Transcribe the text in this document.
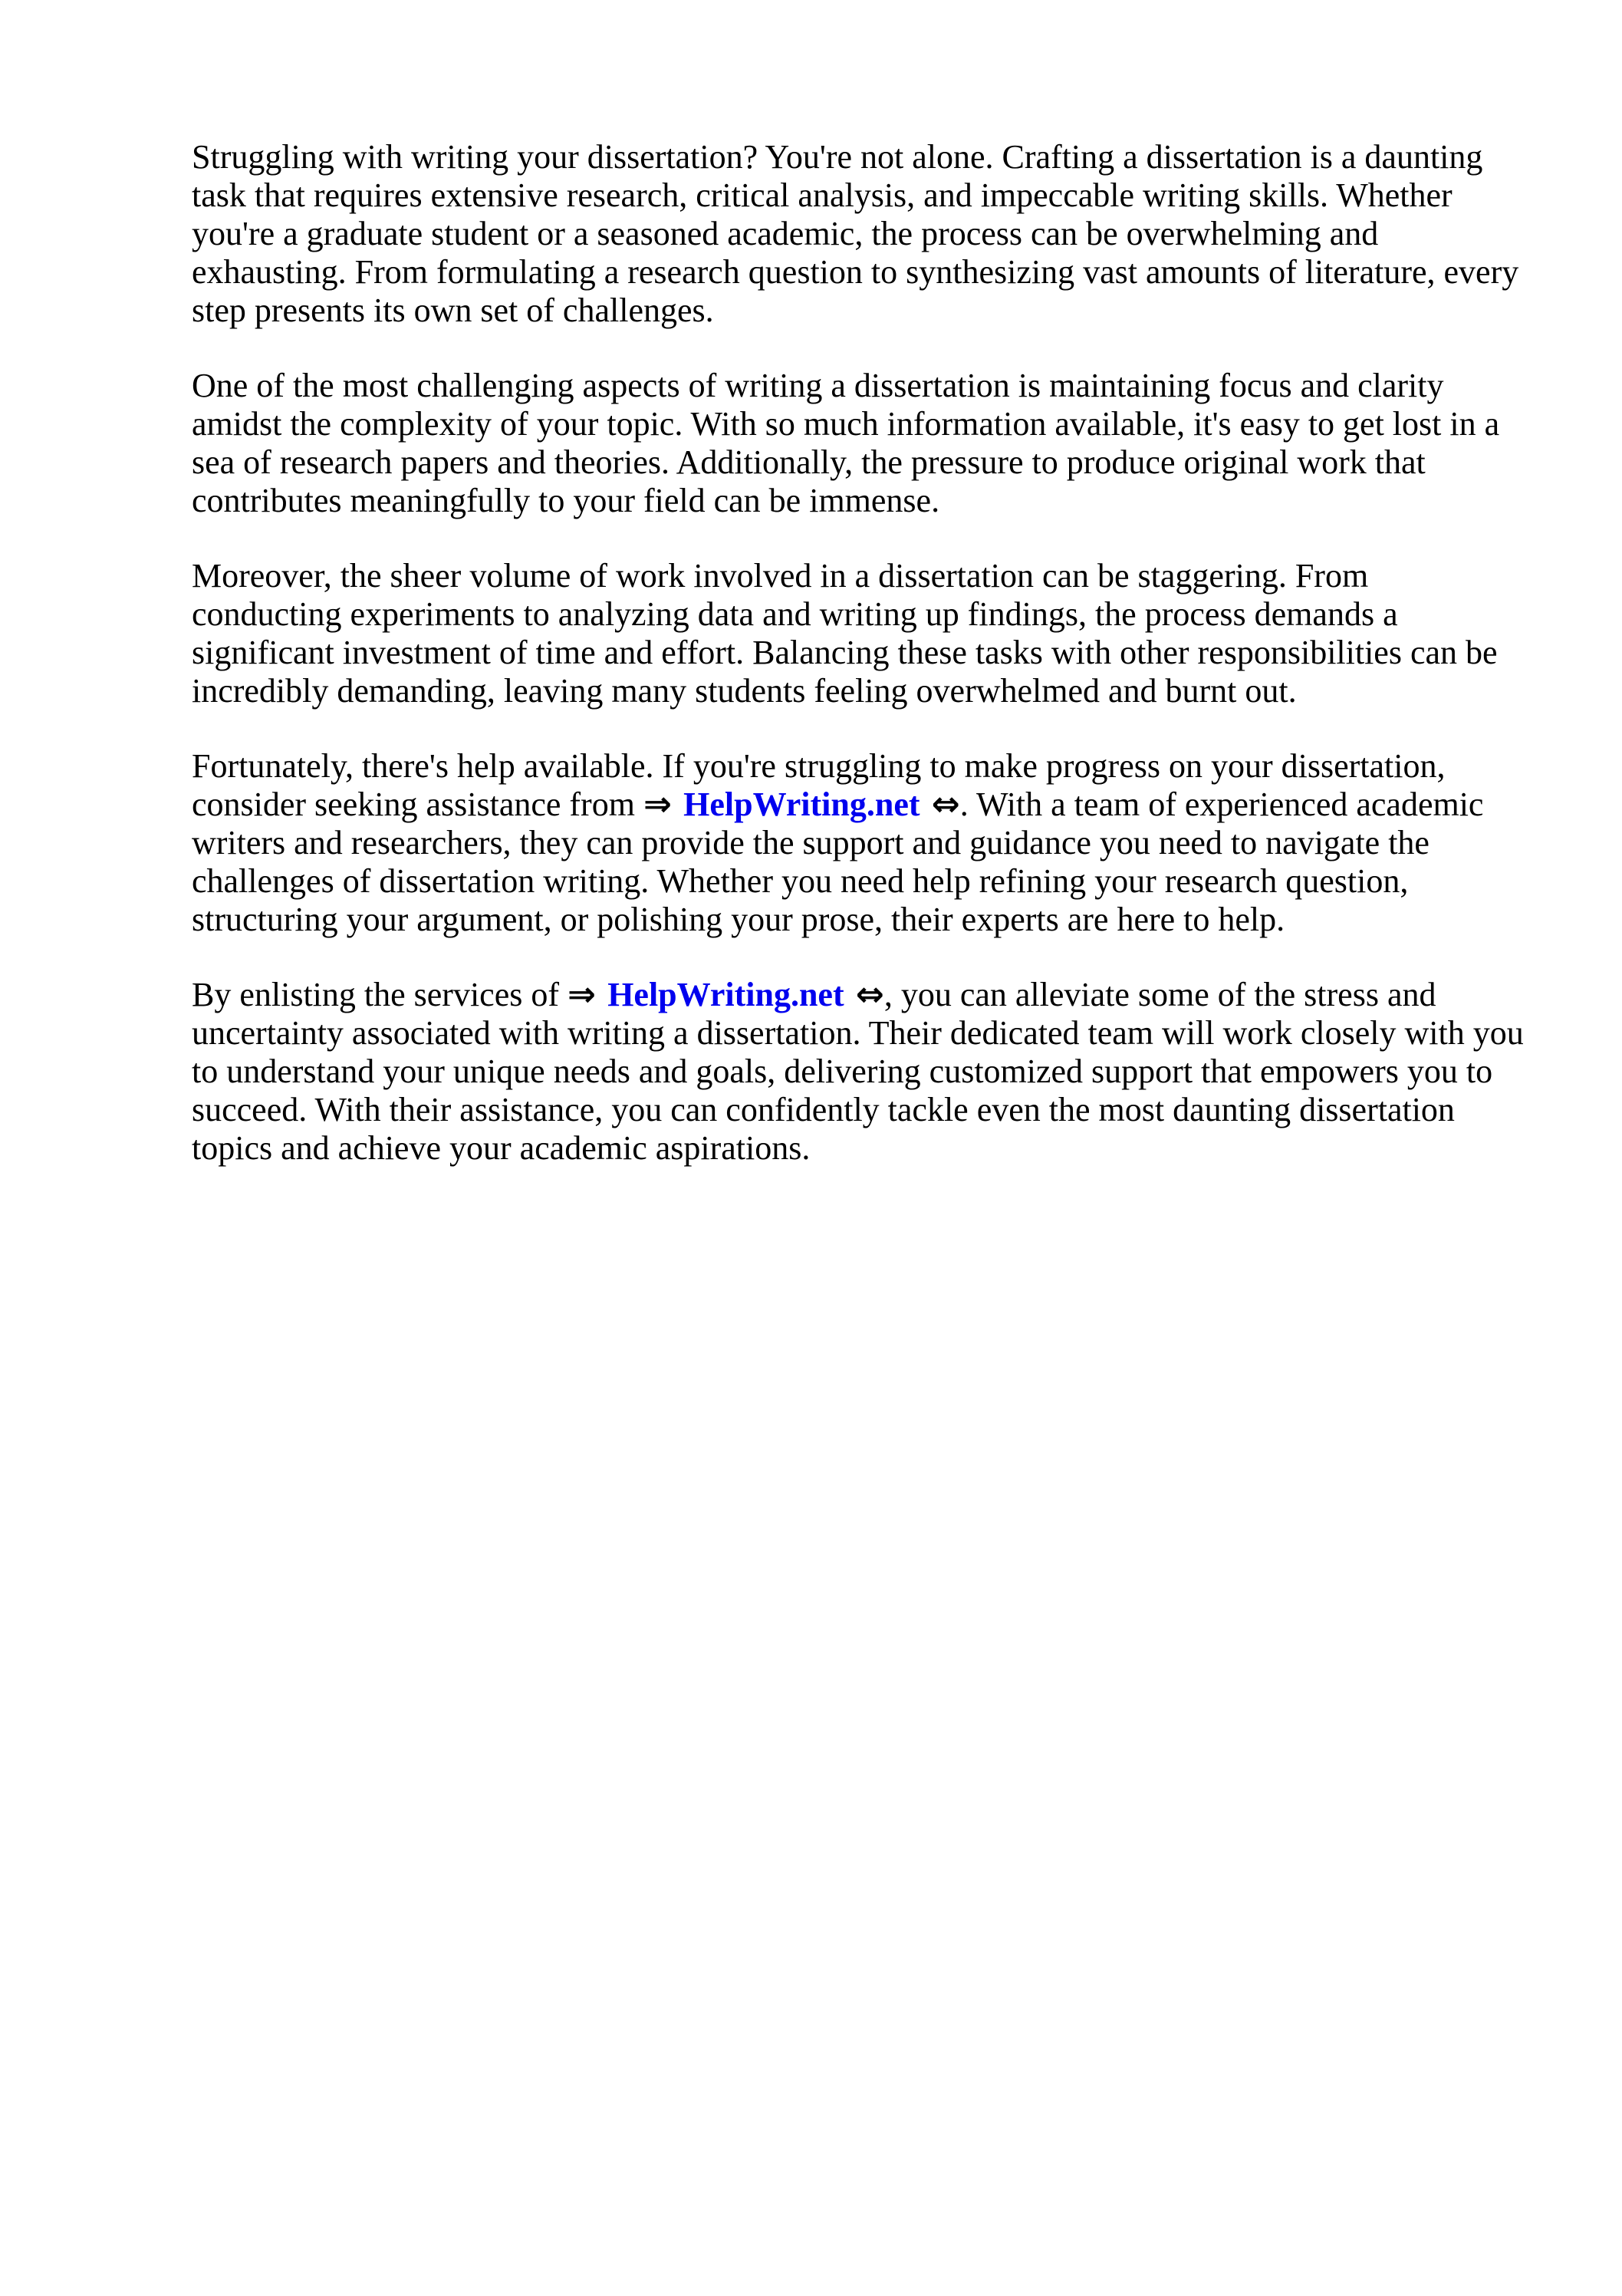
Struggling with writing your dissertation? You're not alone. Crafting a dissertation is a daunting task that requires extensive research, critical analysis, and impeccable writing skills. Whether you're a graduate student or a seasoned academic, the process can be overwhelming and exhausting. From formulating a research question to synthesizing vast amounts of literature, every step presents its own set of challenges.

One of the most challenging aspects of writing a dissertation is maintaining focus and clarity amidst the complexity of your topic. With so much information available, it's easy to get lost in a sea of research papers and theories. Additionally, the pressure to produce original work that contributes meaningfully to your field can be immense.

Moreover, the sheer volume of work involved in a dissertation can be staggering. From conducting experiments to analyzing data and writing up findings, the process demands a significant investment of time and effort. Balancing these tasks with other responsibilities can be incredibly demanding, leaving many students feeling overwhelmed and burnt out.

Fortunately, there's help available. If you're struggling to make progress on your dissertation, consider seeking assistance from ⇒ HelpWriting.net ⇔. With a team of experienced academic writers and researchers, they can provide the support and guidance you need to navigate the challenges of dissertation writing. Whether you need help refining your research question, structuring your argument, or polishing your prose, their experts are here to help.

By enlisting the services of ⇒ HelpWriting.net ⇔, you can alleviate some of the stress and uncertainty associated with writing a dissertation. Their dedicated team will work closely with you to understand your unique needs and goals, delivering customized support that empowers you to succeed. With their assistance, you can confidently tackle even the most daunting dissertation topics and achieve your academic aspirations.
